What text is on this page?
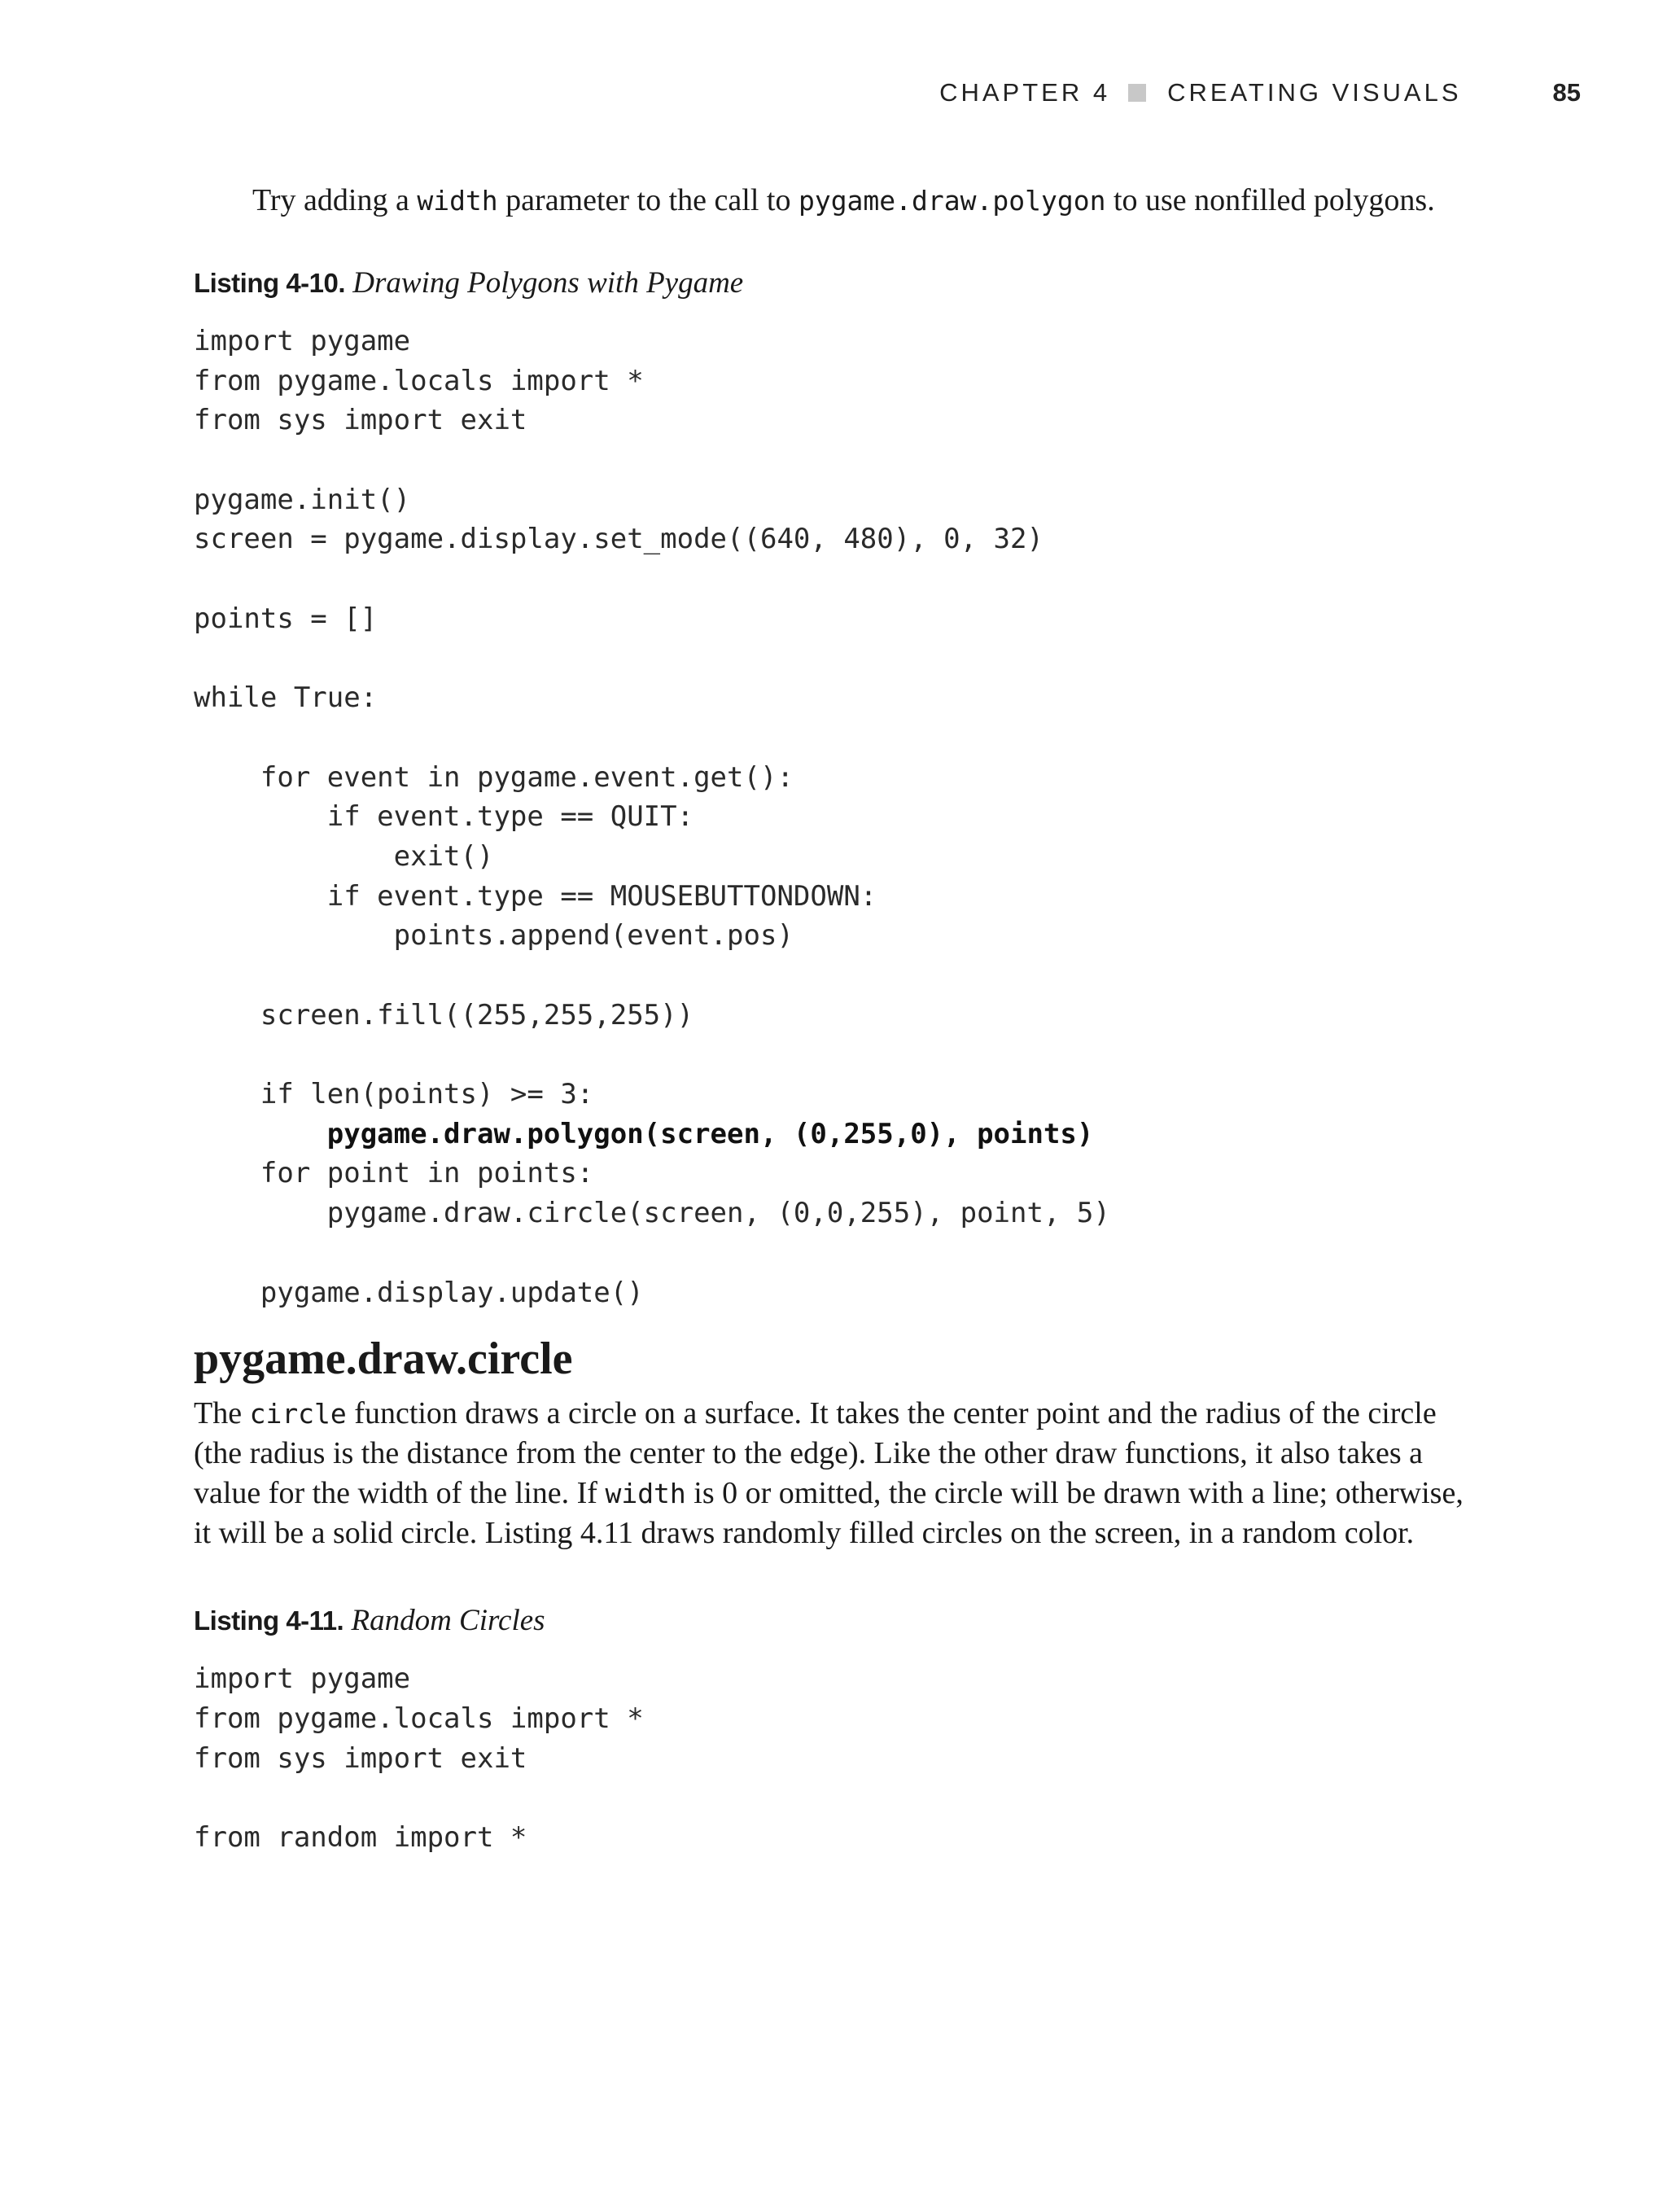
CHAPTER 4 CREATING VISUALS	85

Try adding a width parameter to the call to pygame.draw.polygon to use nonfilled polygons.

Listing 4-10. Drawing Polygons with Pygame
import pygame
from pygame.locals import *
from sys import exit
pygame.init()
screen = pygame.display.set_mode((640, 480), 0, 32)
points = []
while True:
for event in pygame.event.get():
if event.type == QUIT:
exit()
if event.type == MOUSEBUTTONDOWN:
points.append(event.pos)
screen.fill((255,255,255))
if len(points) >= 3:
pygame.draw.polygon(screen, (0,255,0), points)
for point in points:
pygame.draw.circle(screen, (0,0,255), point, 5)
pygame.display.update()
pygame.draw.circle

The circle function draws a circle on a surface. It takes the center point and the radius of the circle (the radius is the distance from the center to the edge). Like the other draw functions, it also takes a value for the width of the line. If width is 0 or omitted, the circle will be drawn with a line; otherwise, it will be a solid circle. Listing 4.11 draws randomly filled circles on the screen, in a random color.

Listing 4-11. Random Circles
import pygame
from pygame.locals import *
from sys import exit
from random import *
